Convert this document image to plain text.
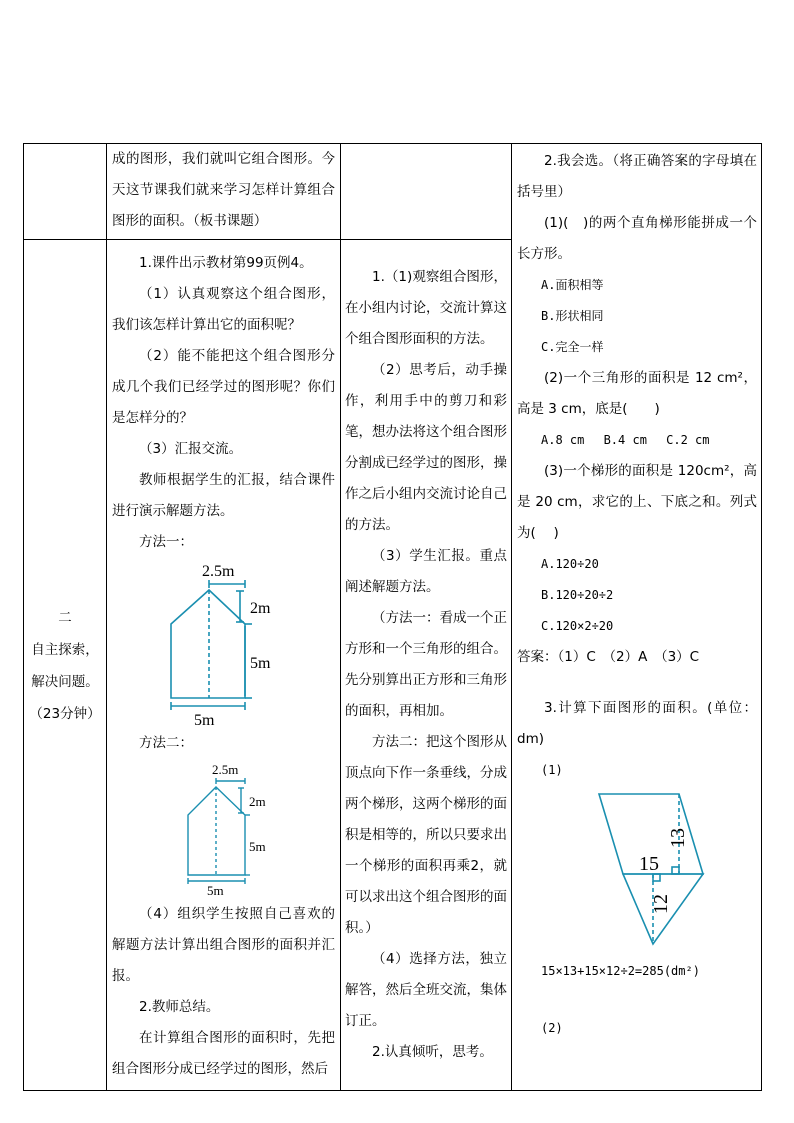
成的图形，我们就叫它组合图形。今天这节课我们就来学习怎样计算组合图形的面积。（板书课题）

二
自主探索，
解决问题。
（23分钟）

1.课件出示教材第99页例4。

（1）认真观察这个组合图形，我们该怎样计算出它的面积呢？

（2）能不能把这个组合图形分成几个我们已经学过的图形呢？你们是怎样分的？

（3）汇报交流。

教师根据学生的汇报，结合课件进行演示解题方法。

方法一：

2.5m
2m
5m
5m

方法二：

2.5m
2m
5m
5m

（4）组织学生按照自己喜欢的解题方法计算出组合图形的面积并汇报。

2.教师总结。

在计算组合图形的面积时，先把组合图形分成已经学过的图形，然后

1.（1)观察组合图形，在小组内讨论，交流计算这个组合图形面积的方法。

（2）思考后，动手操作，利用手中的剪刀和彩笔，想办法将这个组合图形分割成已经学过的图形，操作之后小组内交流讨论自己的方法。

（3）学生汇报。重点阐述解题方法。

（方法一：看成一个正方形和一个三角形的组合。先分别算出正方形和三角形的面积，再相加。

方法二：把这个图形从顶点向下作一条垂线，分成两个梯形，这两个梯形的面积是相等的，所以只要求出一个梯形的面积再乘2，就可以求出这个组合图形的面积。）

（4）选择方法，独立解答，然后全班交流，集体订正。

2.认真倾听，思考。

2.我会选。（将正确答案的字母填在括号里）

(1)(　)的两个直角梯形能拼成一个长方形。

A.面积相等

B.形状相同

C.完全一样

(2)一个三角形的面积是 12 cm²，高是 3 cm，底是(　　)

A.8 cm　 B.4 cm　 C.2 cm

(3)一个梯形的面积是 120cm²，高是 20 cm，求它的上、下底之和。列式为(　 )

A.120÷20

B.120÷20÷2

C.120×2÷20

答案：（1）C　（2）A　（3）C

3.计算下面图形的面积。(单位：dm)

(1)

13
15
12

15×13+15×12÷2=285(dm²)

(2)
